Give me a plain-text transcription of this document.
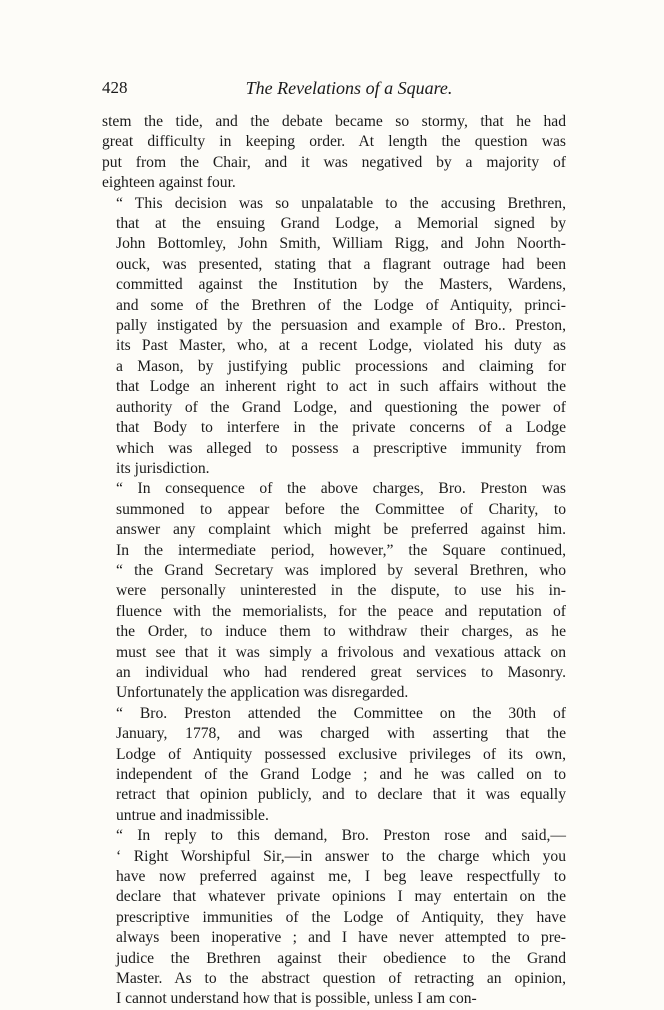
428	The Revelations of a Square.
stem the tide, and the debate became so stormy, that he had
great difficulty in keeping order. At length the question was
put from the Chair, and it was negatived by a majority of
eighteen against four.
“ This decision was so unpalatable to the accusing Brethren,
that at the ensuing Grand Lodge, a Memorial signed by
John Bottomley, John Smith, William Rigg, and John Noorth-
ouck, was presented, stating that a flagrant outrage had been
committed against the Institution by the Masters, Wardens,
and some of the Brethren of the Lodge of Antiquity, princi-
pally instigated by the persuasion and example of Bro.. Preston,
its Past Master, who, at a recent Lodge, violated his duty as
a Mason, by justifying public processions and claiming for
that Lodge an inherent right to act in such affairs without the
authority of the Grand Lodge, and questioning the power of
that Body to interfere in the private concerns of a Lodge
which was alleged to possess a prescriptive immunity from
its jurisdiction.
“ In consequence of the above charges, Bro. Preston was
summoned to appear before the Committee of Charity, to
answer any complaint which might be preferred against him.
In the intermediate period, however,” the Square continued,
“ the Grand Secretary was implored by several Brethren, who
were personally uninterested in the dispute, to use his in-
fluence with the memorialists, for the peace and reputation of
the Order, to induce them to withdraw their charges, as he
must see that it was simply a frivolous and vexatious attack on
an individual who had rendered great services to Masonry.
Unfortunately the application was disregarded.
“ Bro. Preston attended the Committee on the 30th of
January, 1778, and was charged with asserting that the
Lodge of Antiquity possessed exclusive privileges of its own,
independent of the Grand Lodge ; and he was called on to
retract that opinion publicly, and to declare that it was equally
untrue and inadmissible.
“ In reply to this demand, Bro. Preston rose and said,—
‘ Right Worshipful Sir,—in answer to the charge which you
have now preferred against me, I beg leave respectfully to
declare that whatever private opinions I may entertain on the
prescriptive immunities of the Lodge of Antiquity, they have
always been inoperative ; and I have never attempted to pre-
judice the Brethren against their obedience to the Grand
Master. As to the abstract question of retracting an opinion,
I cannot understand how that is possible, unless I am con-
